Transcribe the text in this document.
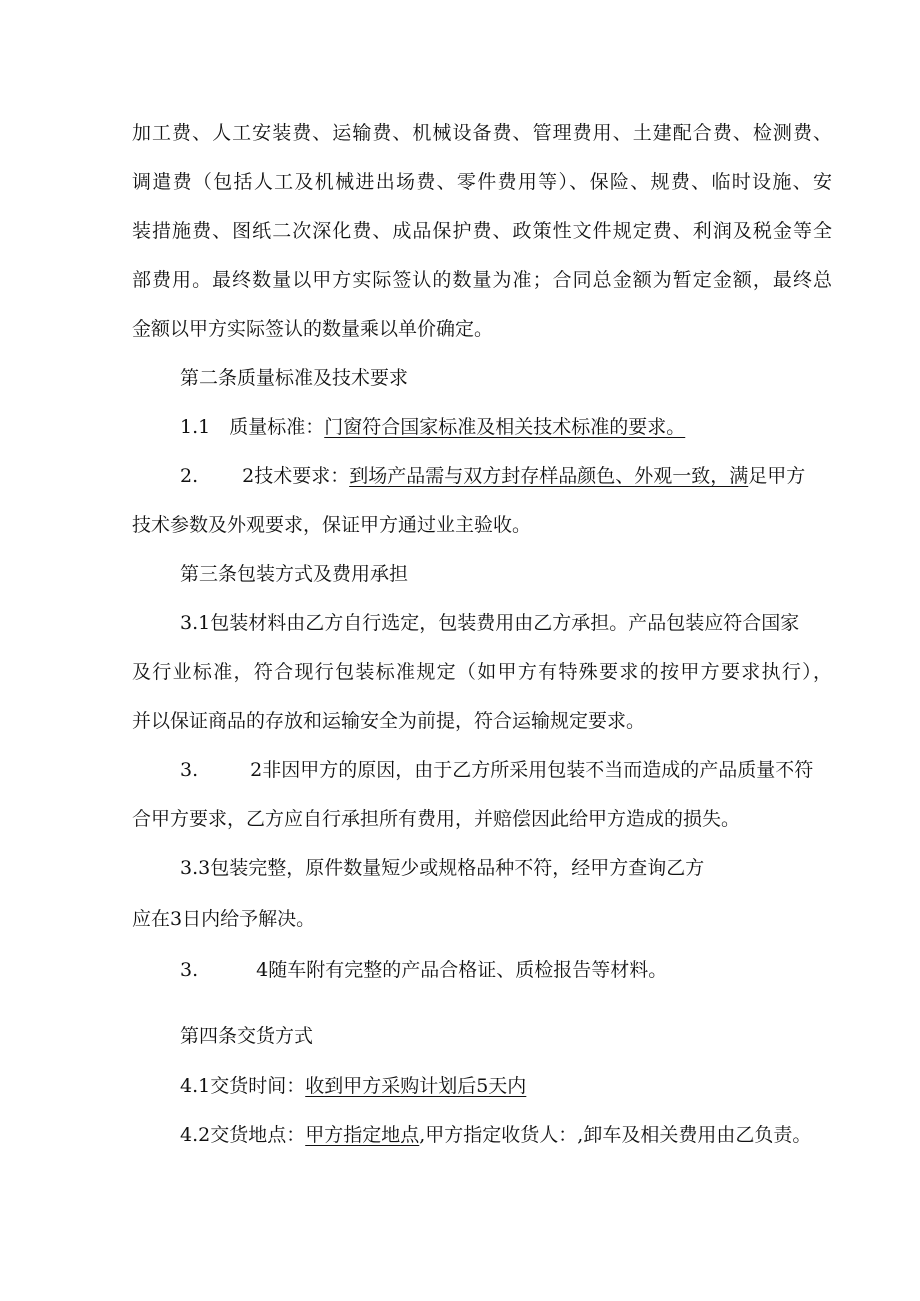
加工费、人工安装费、运输费、机械设备费、管理费用、土建配合费、检测费、
调遣费（包括人工及机械进出场费、零件费用等）、保险、规费、临时设施、安
装措施费、图纸二次深化费、成品保护费、政策性文件规定费、利润及税金等全
部费用。最终数量以甲方实际签认的数量为准；合同总金额为暂定金额，最终总
金额以甲方实际签认的数量乘以单价确定。
第二条质量标准及技术要求
1.1　质量标准：门窗符合国家标准及相关技术标准的要求。
2. 2技术要求：到场产品需与双方封存样品颜色、外观一致，满足甲方
技术参数及外观要求，保证甲方通过业主验收。
第三条包装方式及费用承担
3.1包装材料由乙方自行选定，包装费用由乙方承担。产品包装应符合国家
及行业标准，符合现行包装标准规定（如甲方有特殊要求的按甲方要求执行），
并以保证商品的存放和运输安全为前提，符合运输规定要求。
3.	2非因甲方的原因，由于乙方所采用包装不当而造成的产品质量不符
合甲方要求，乙方应自行承担所有费用，并赔偿因此给甲方造成的损失。
3.3包装完整，原件数量短少或规格品种不符，经甲方查询乙方
应在3日内给予解决。
3.	4随车附有完整的产品合格证、质检报告等材料。
第四条交货方式
4.1交货时间：收到甲方采购计划后5天内
4.2交货地点：甲方指定地点,甲方指定收货人：,卸车及相关费用由乙负责。
